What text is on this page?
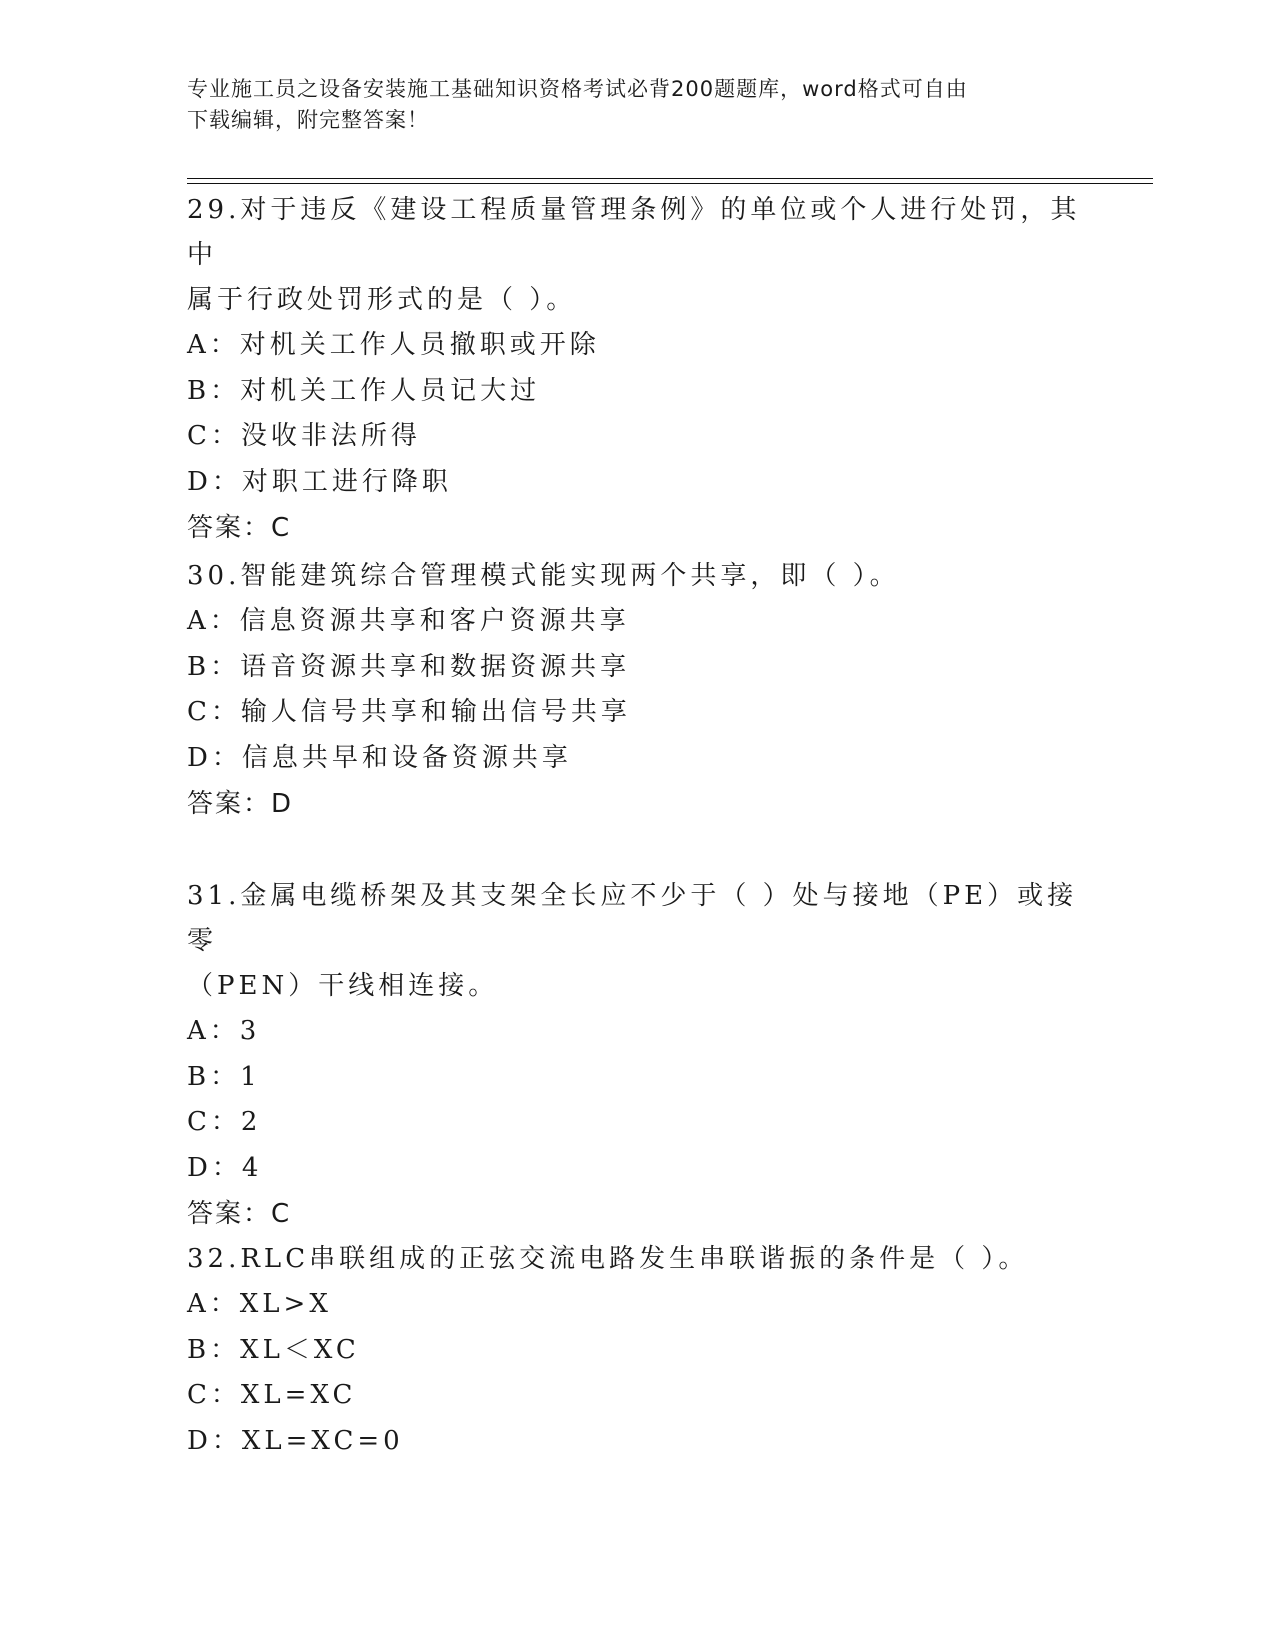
专业施工员之设备安装施工基础知识资格考试必背200题题库，word格式可自由
下载编辑，附完整答案！

29.对于违反《建设工程质量管理条例》的单位或个人进行处罚，其中

属于行政处罚形式的是（ ）。

A：对机关工作人员撤职或开除

B：对机关工作人员记大过

C：没收非法所得

D：对职工进行降职

答案：C

30.智能建筑综合管理模式能实现两个共享，即（ ）。

A：信息资源共享和客户资源共享

B：语音资源共享和数据资源共享

C：输人信号共享和输出信号共享

D：信息共早和设备资源共享

答案：D

31.金属电缆桥架及其支架全长应不少于（ ）处与接地（PE）或接零

（PEN）干线相连接。

A：3

B：1

C：2

D：4

答案：C

32.RLC串联组成的正弦交流电路发生串联谐振的条件是（ ）。

A：XL>X

B：XL＜XC

C：XL=XC

D：XL=XC=0
